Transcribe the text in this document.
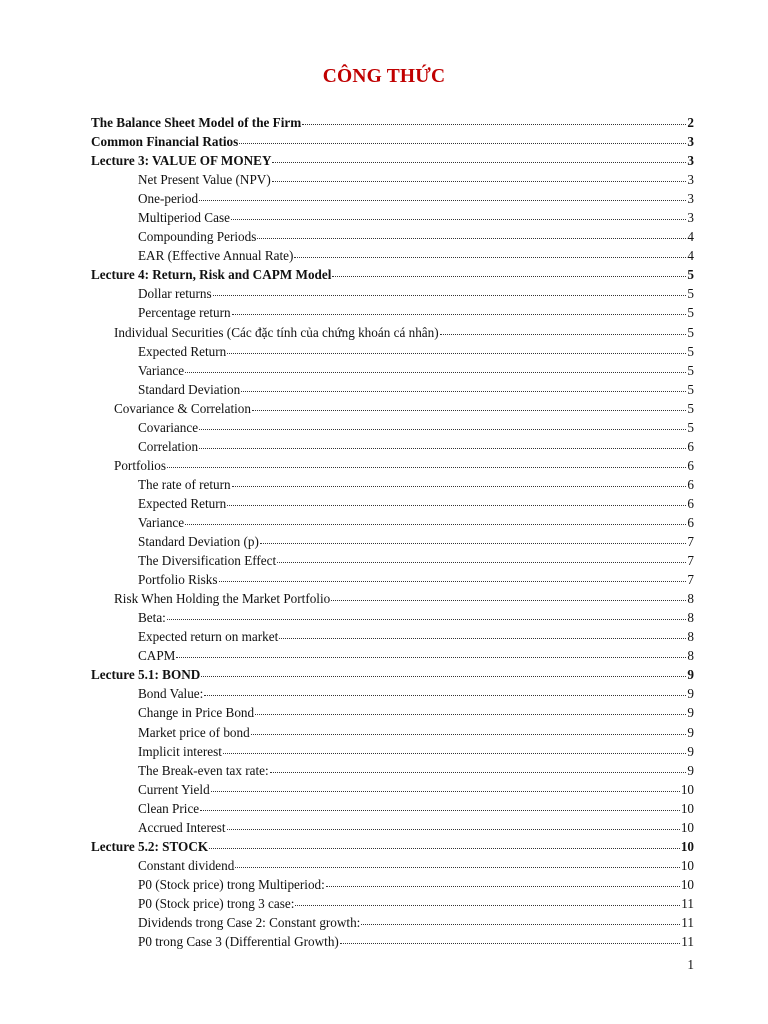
CÔNG THỨC
The Balance Sheet Model of the Firm	2
Common Financial Ratios	3
Lecture 3: VALUE OF MONEY	3
Net Present Value (NPV)	3
One-period	3
Multiperiod Case	3
Compounding Periods	4
EAR (Effective Annual Rate)	4
Lecture 4: Return, Risk and CAPM Model	5
Dollar returns	5
Percentage return	5
Individual Securities (Các đặc tính của chứng khoán cá nhân)	5
Expected Return	5
Variance	5
Standard Deviation	5
Covariance & Correlation	5
Covariance	5
Correlation	6
Portfolios	6
The rate of return	6
Expected Return	6
Variance	6
Standard Deviation (p)	7
The Diversification Effect	7
Portfolio Risks	7
Risk When Holding the Market Portfolio	8
Beta:	8
Expected return on market	8
CAPM	8
Lecture 5.1: BOND	9
Bond Value:	9
Change in Price Bond	9
Market price of bond	9
Implicit interest	9
The Break-even tax rate:	9
Current Yield	10
Clean Price	10
Accrued Interest	10
Lecture 5.2: STOCK	10
Constant dividend	10
P0 (Stock price) trong Multiperiod:	10
P0 (Stock price) trong 3 case:	11
Dividends trong Case 2: Constant growth:	11
P0 trong Case 3 (Differential Growth)	11
1
